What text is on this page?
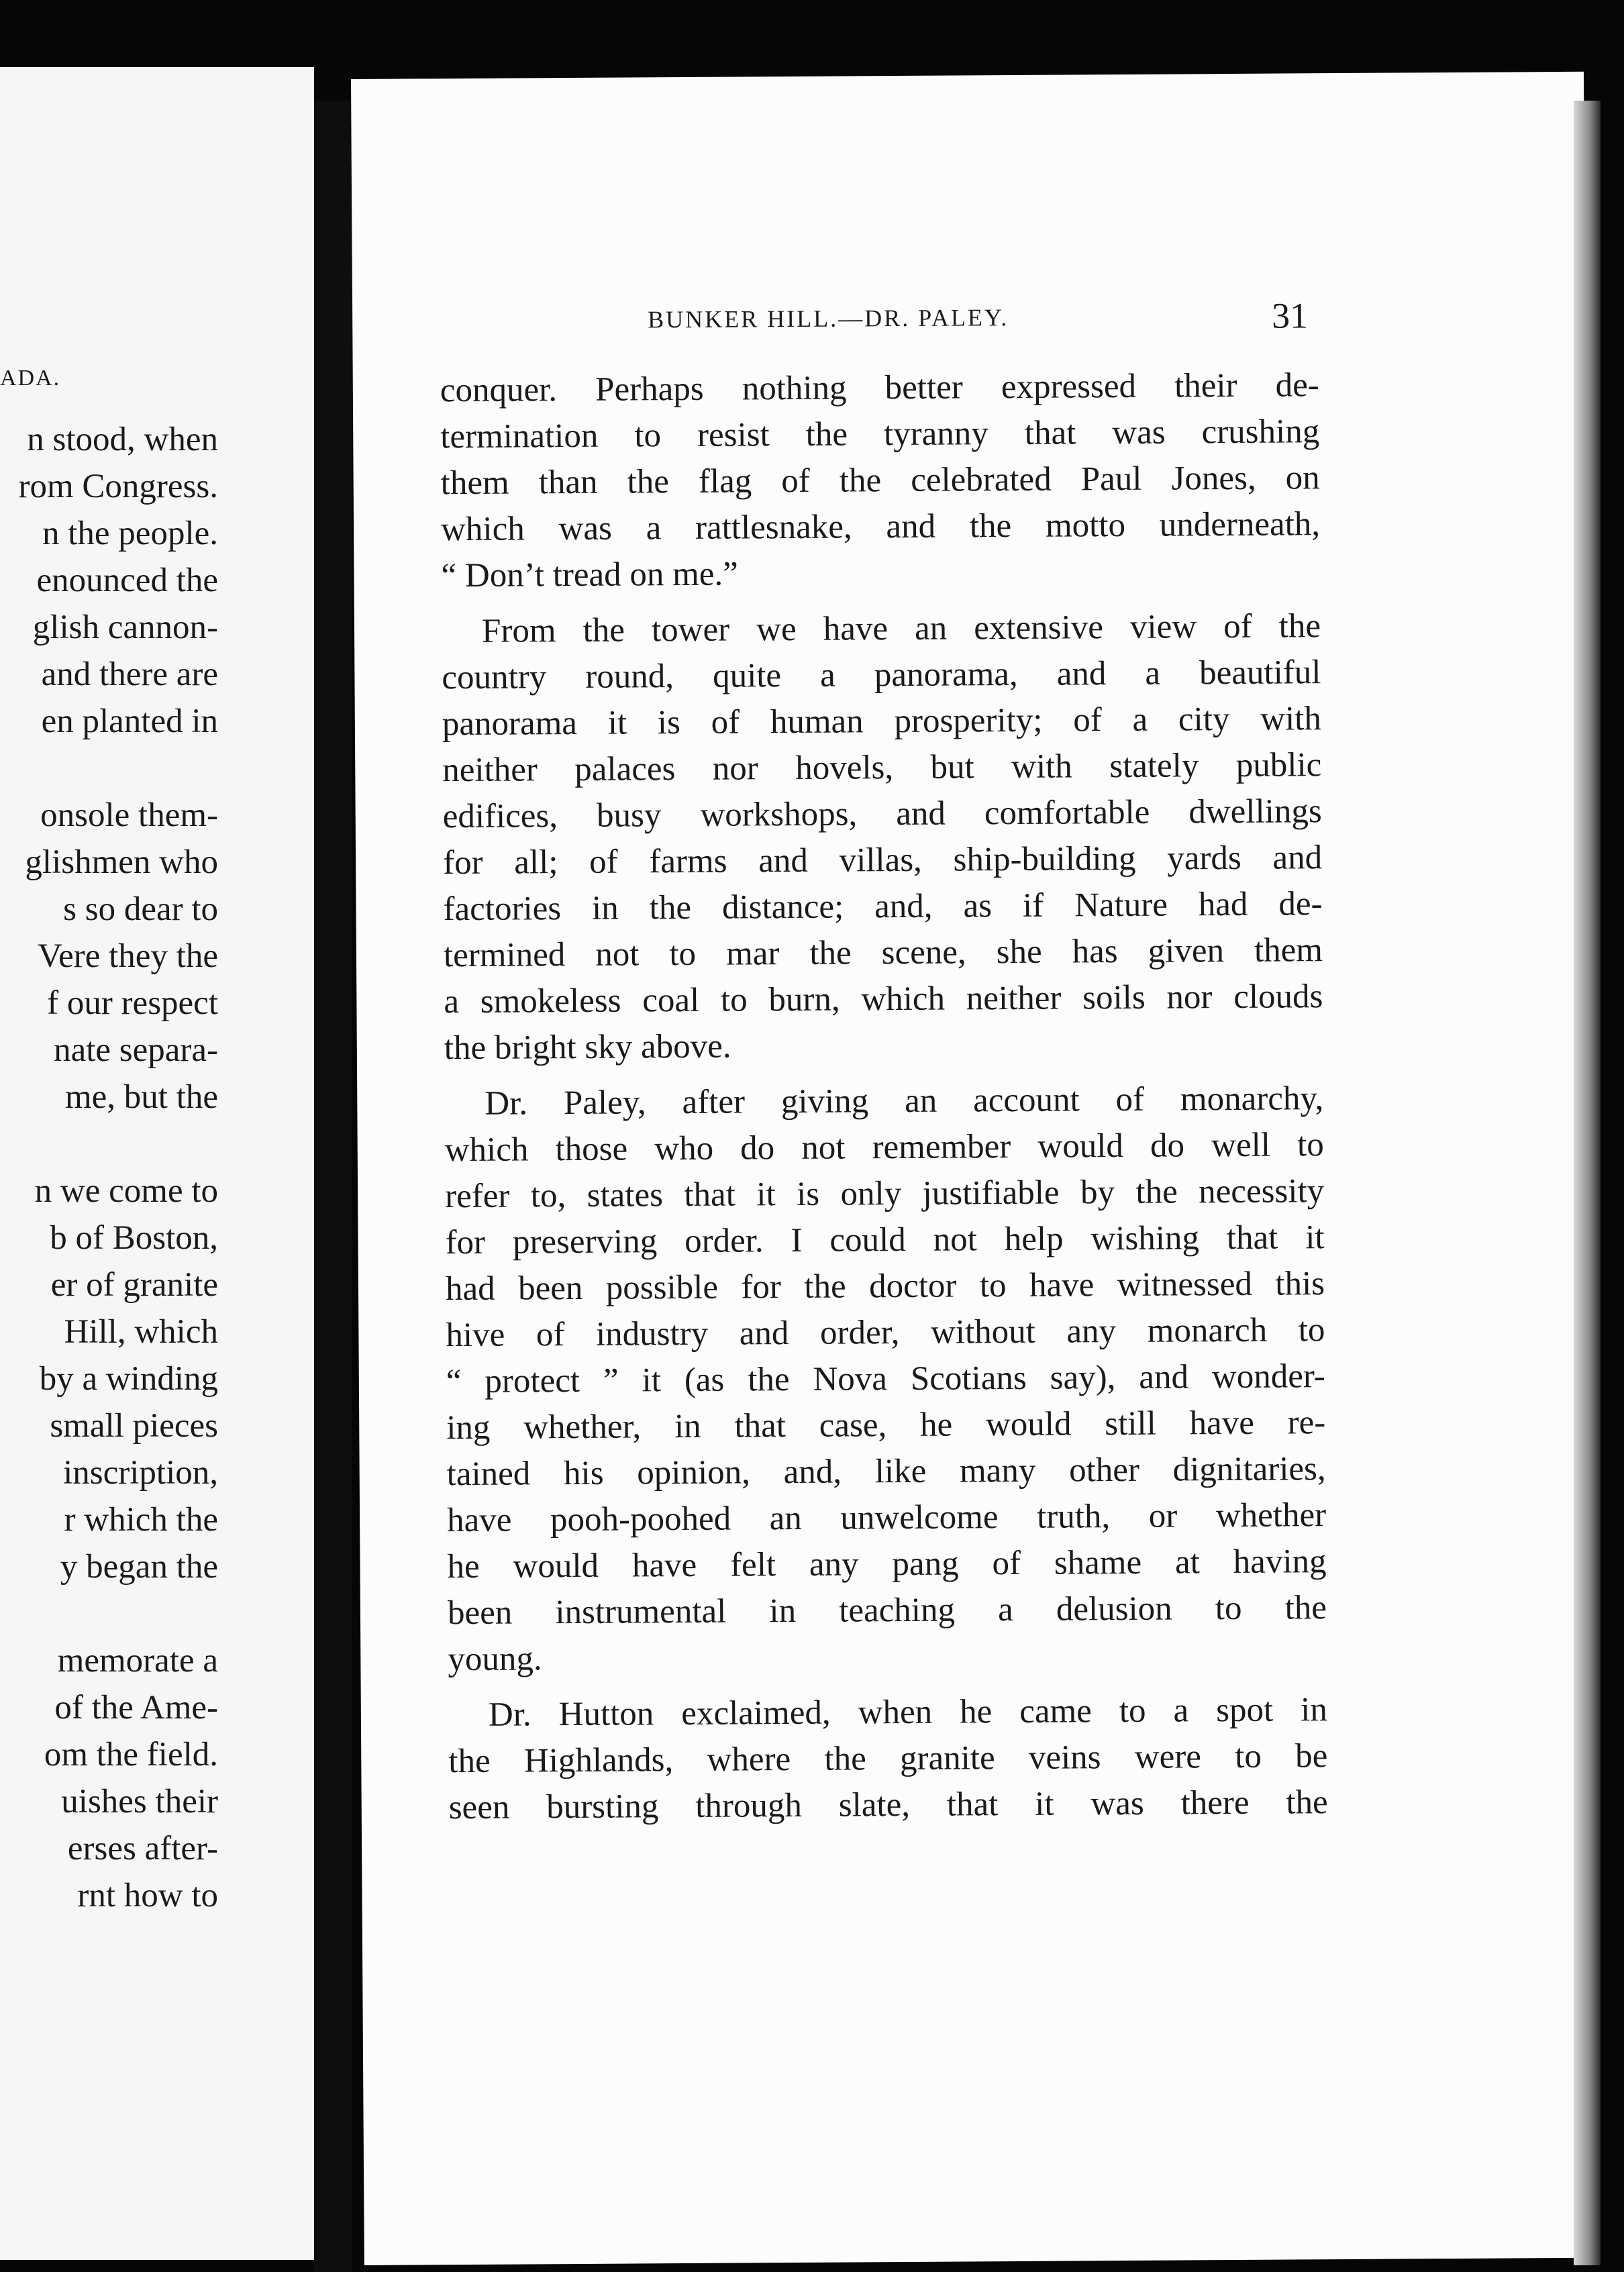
ADA.
n stood, when
rom Congress.
n the people.
enounced the
glish cannon-
and there are
en planted in
onsole them-
glishmen who
s so dear to
Vere they the
f our respect
nate separa-
me, but the
n we come to
b of Boston,
er of granite
Hill, which
by a winding
small pieces
inscription,
r which the
y began the
memorate a
of the Ame-
om the field.
uishes their
erses after-
rnt how to
BUNKER HILL.—DR. PALEY.	31
conquer. Perhaps nothing better expressed their de-
termination to resist the tyranny that was crushing
them than the flag of the celebrated Paul Jones, on
which was a rattlesnake, and the motto underneath,
“ Don’t tread on me.”
From the tower we have an extensive view of the
country round, quite a panorama, and a beautiful
panorama it is of human prosperity; of a city with
neither palaces nor hovels, but with stately public
edifices, busy workshops, and comfortable dwellings
for all; of farms and villas, ship-building yards and
factories in the distance; and, as if Nature had de-
termined not to mar the scene, she has given them
a smokeless coal to burn, which neither soils nor clouds
the bright sky above.
Dr. Paley, after giving an account of monarchy,
which those who do not remember would do well to
refer to, states that it is only justifiable by the necessity
for preserving order. I could not help wishing that it
had been possible for the doctor to have witnessed this
hive of industry and order, without any monarch to
“ protect ” it (as the Nova Scotians say), and wonder-
ing whether, in that case, he would still have re-
tained his opinion, and, like many other dignitaries,
have pooh-poohed an unwelcome truth, or whether
he would have felt any pang of shame at having
been instrumental in teaching a delusion to the
young.
Dr. Hutton exclaimed, when he came to a spot in
the Highlands, where the granite veins were to be
seen bursting through slate, that it was there the
